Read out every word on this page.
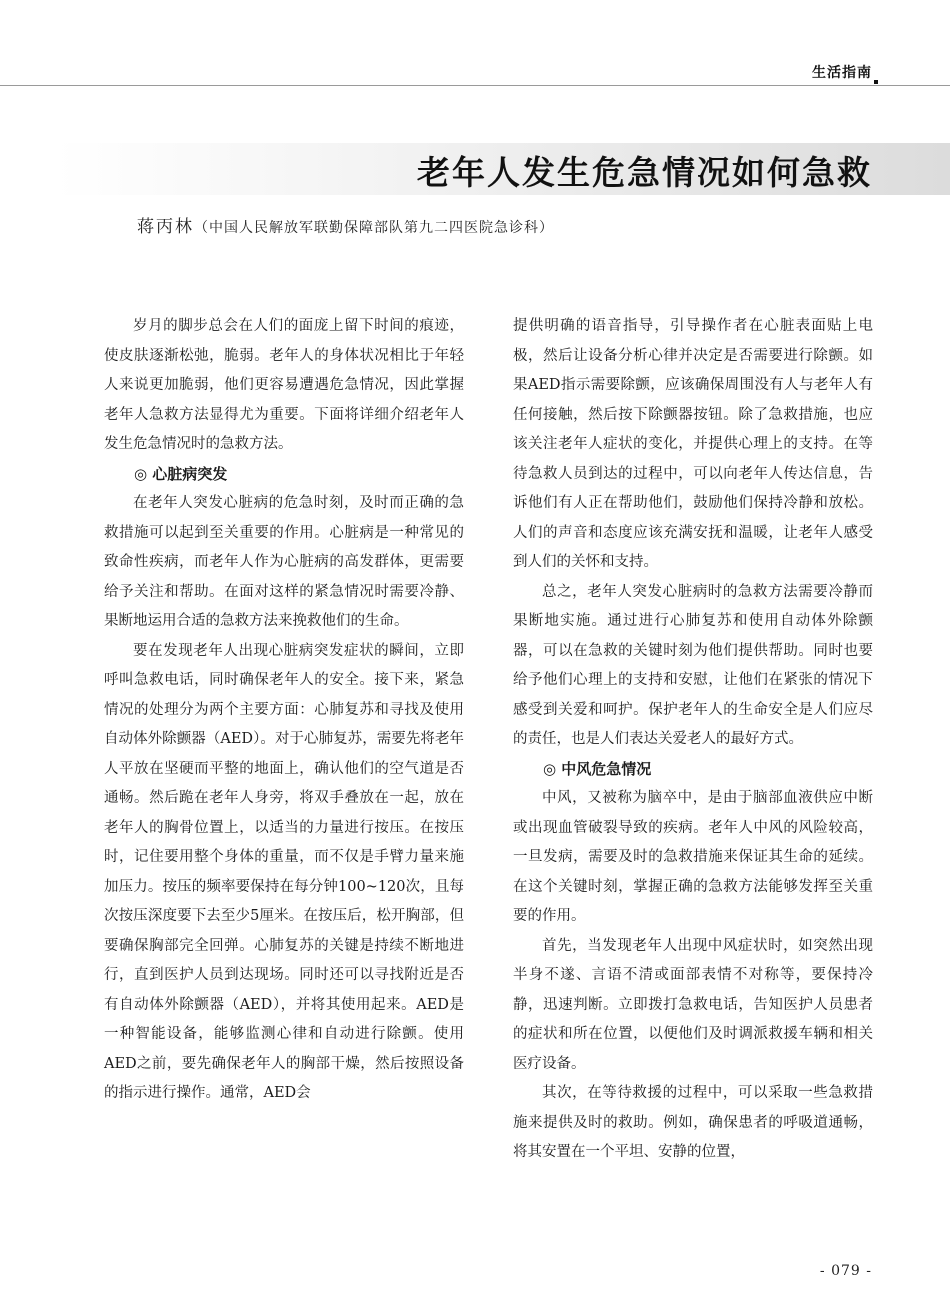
生活指南
老年人发生危急情况如何急救
蒋丙林（中国人民解放军联勤保障部队第九二四医院急诊科）

岁月的脚步总会在人们的面庞上留下时间的痕迹，使皮肤逐渐松弛，脆弱。老年人的身体状况相比于年轻人来说更加脆弱，他们更容易遭遇危急情况，因此掌握老年人急救方法显得尤为重要。下面将详细介绍老年人发生危急情况时的急救方法。

◎ 心脏病突发

在老年人突发心脏病的危急时刻，及时而正确的急救措施可以起到至关重要的作用。心脏病是一种常见的致命性疾病，而老年人作为心脏病的高发群体，更需要给予关注和帮助。在面对这样的紧急情况时需要冷静、果断地运用合适的急救方法来挽救他们的生命。

要在发现老年人出现心脏病突发症状的瞬间，立即呼叫急救电话，同时确保老年人的安全。接下来，紧急情况的处理分为两个主要方面：心肺复苏和寻找及使用自动体外除颤器（AED）。对于心肺复苏，需要先将老年人平放在坚硬而平整的地面上，确认他们的空气道是否通畅。然后跪在老年人身旁，将双手叠放在一起，放在老年人的胸骨位置上，以适当的力量进行按压。在按压时，记住要用整个身体的重量，而不仅是手臂力量来施加压力。按压的频率要保持在每分钟100~120次，且每次按压深度要下去至少5厘米。在按压后，松开胸部，但要确保胸部完全回弹。心肺复苏的关键是持续不断地进行，直到医护人员到达现场。同时还可以寻找附近是否有自动体外除颤器（AED），并将其使用起来。AED是一种智能设备，能够监测心律和自动进行除颤。使用AED之前，要先确保老年人的胸部干燥，然后按照设备的指示进行操作。通常，AED会

提供明确的语音指导，引导操作者在心脏表面贴上电极，然后让设备分析心律并决定是否需要进行除颤。如果AED指示需要除颤，应该确保周围没有人与老年人有任何接触，然后按下除颤器按钮。除了急救措施，也应该关注老年人症状的变化，并提供心理上的支持。在等待急救人员到达的过程中，可以向老年人传达信息，告诉他们有人正在帮助他们，鼓励他们保持冷静和放松。人们的声音和态度应该充满安抚和温暖，让老年人感受到人们的关怀和支持。

总之，老年人突发心脏病时的急救方法需要冷静而果断地实施。通过进行心肺复苏和使用自动体外除颤器，可以在急救的关键时刻为他们提供帮助。同时也要给予他们心理上的支持和安慰，让他们在紧张的情况下感受到关爱和呵护。保护老年人的生命安全是人们应尽的责任，也是人们表达关爱老人的最好方式。

◎ 中风危急情况

中风，又被称为脑卒中，是由于脑部血液供应中断或出现血管破裂导致的疾病。老年人中风的风险较高，一旦发病，需要及时的急救措施来保证其生命的延续。在这个关键时刻，掌握正确的急救方法能够发挥至关重要的作用。

首先，当发现老年人出现中风症状时，如突然出现半身不遂、言语不清或面部表情不对称等，要保持冷静，迅速判断。立即拨打急救电话，告知医护人员患者的症状和所在位置，以便他们及时调派救援车辆和相关医疗设备。

其次，在等待救援的过程中，可以采取一些急救措施来提供及时的救助。例如，确保患者的呼吸道通畅，将其安置在一个平坦、安静的位置，

- 079 -
